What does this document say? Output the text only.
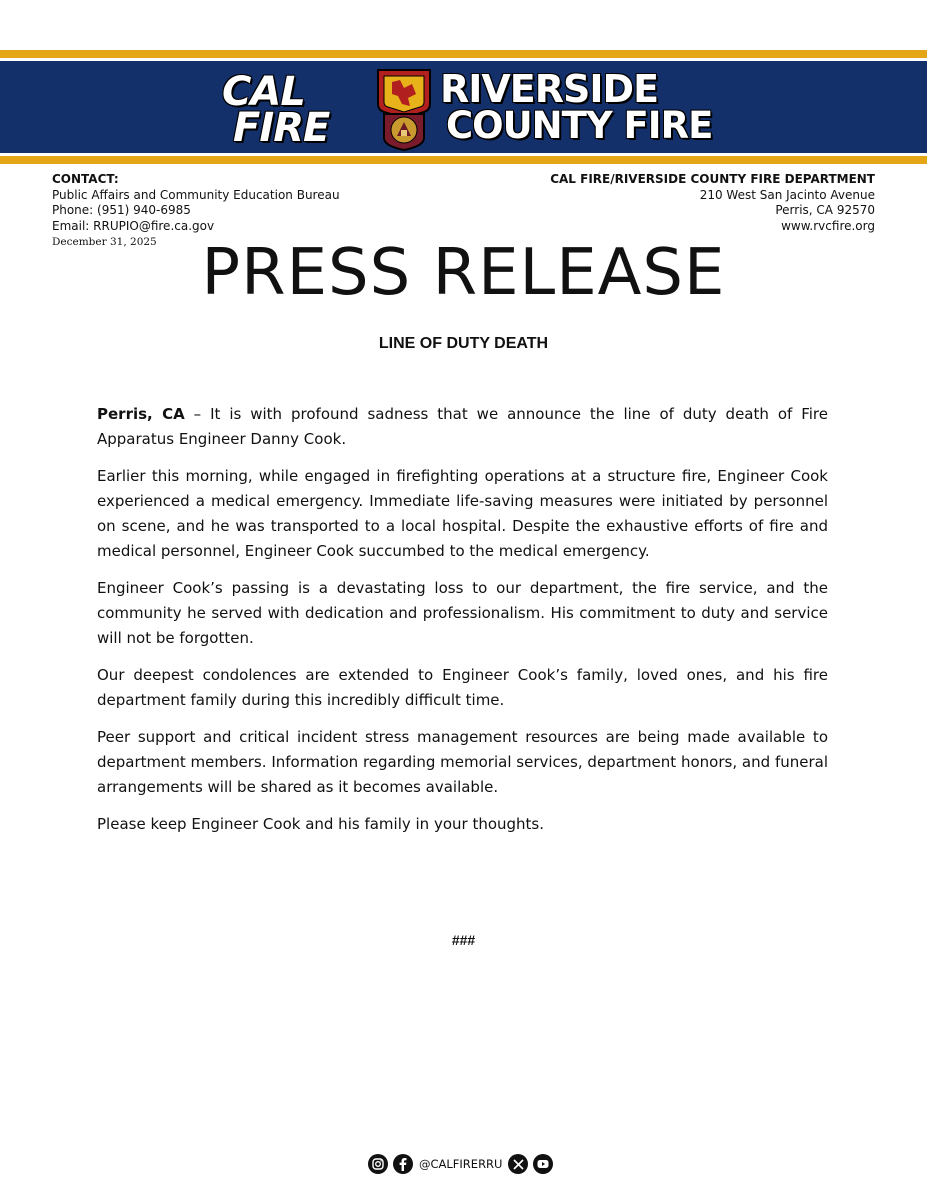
CAL
FIRE
RIVERSIDE
COUNTY FIRE
CONTACT:
Public Affairs and Community Education Bureau
Phone: (951) 940-6985
Email: RRUPIO@fire.ca.gov
CAL FIRE/RIVERSIDE COUNTY FIRE DEPARTMENT
210 West San Jacinto Avenue
Perris, CA 92570
www.rvcfire.org
December 31, 2025 PRESS RELEASE
LINE OF DUTY DEATH

Perris, CA – It is with profound sadness that we announce the line of duty death of Fire Apparatus Engineer Danny Cook.

Earlier this morning, while engaged in firefighting operations at a structure fire, Engineer Cook experienced a medical emergency. Immediate life-saving measures were initiated by personnel on scene, and he was transported to a local hospital. Despite the exhaustive efforts of fire and medical personnel, Engineer Cook succumbed to the medical emergency.

Engineer Cook’s passing is a devastating loss to our department, the fire service, and the community he served with dedication and professionalism. His commitment to duty and service will not be forgotten.

Our deepest condolences are extended to Engineer Cook’s family, loved ones, and his fire department family during this incredibly difficult time.

Peer support and critical incident stress management resources are being made available to department members. Information regarding memorial services, department honors, and funeral arrangements will be shared as it becomes available.

Please keep Engineer Cook and his family in your thoughts.

###
@CALFIRERRU
